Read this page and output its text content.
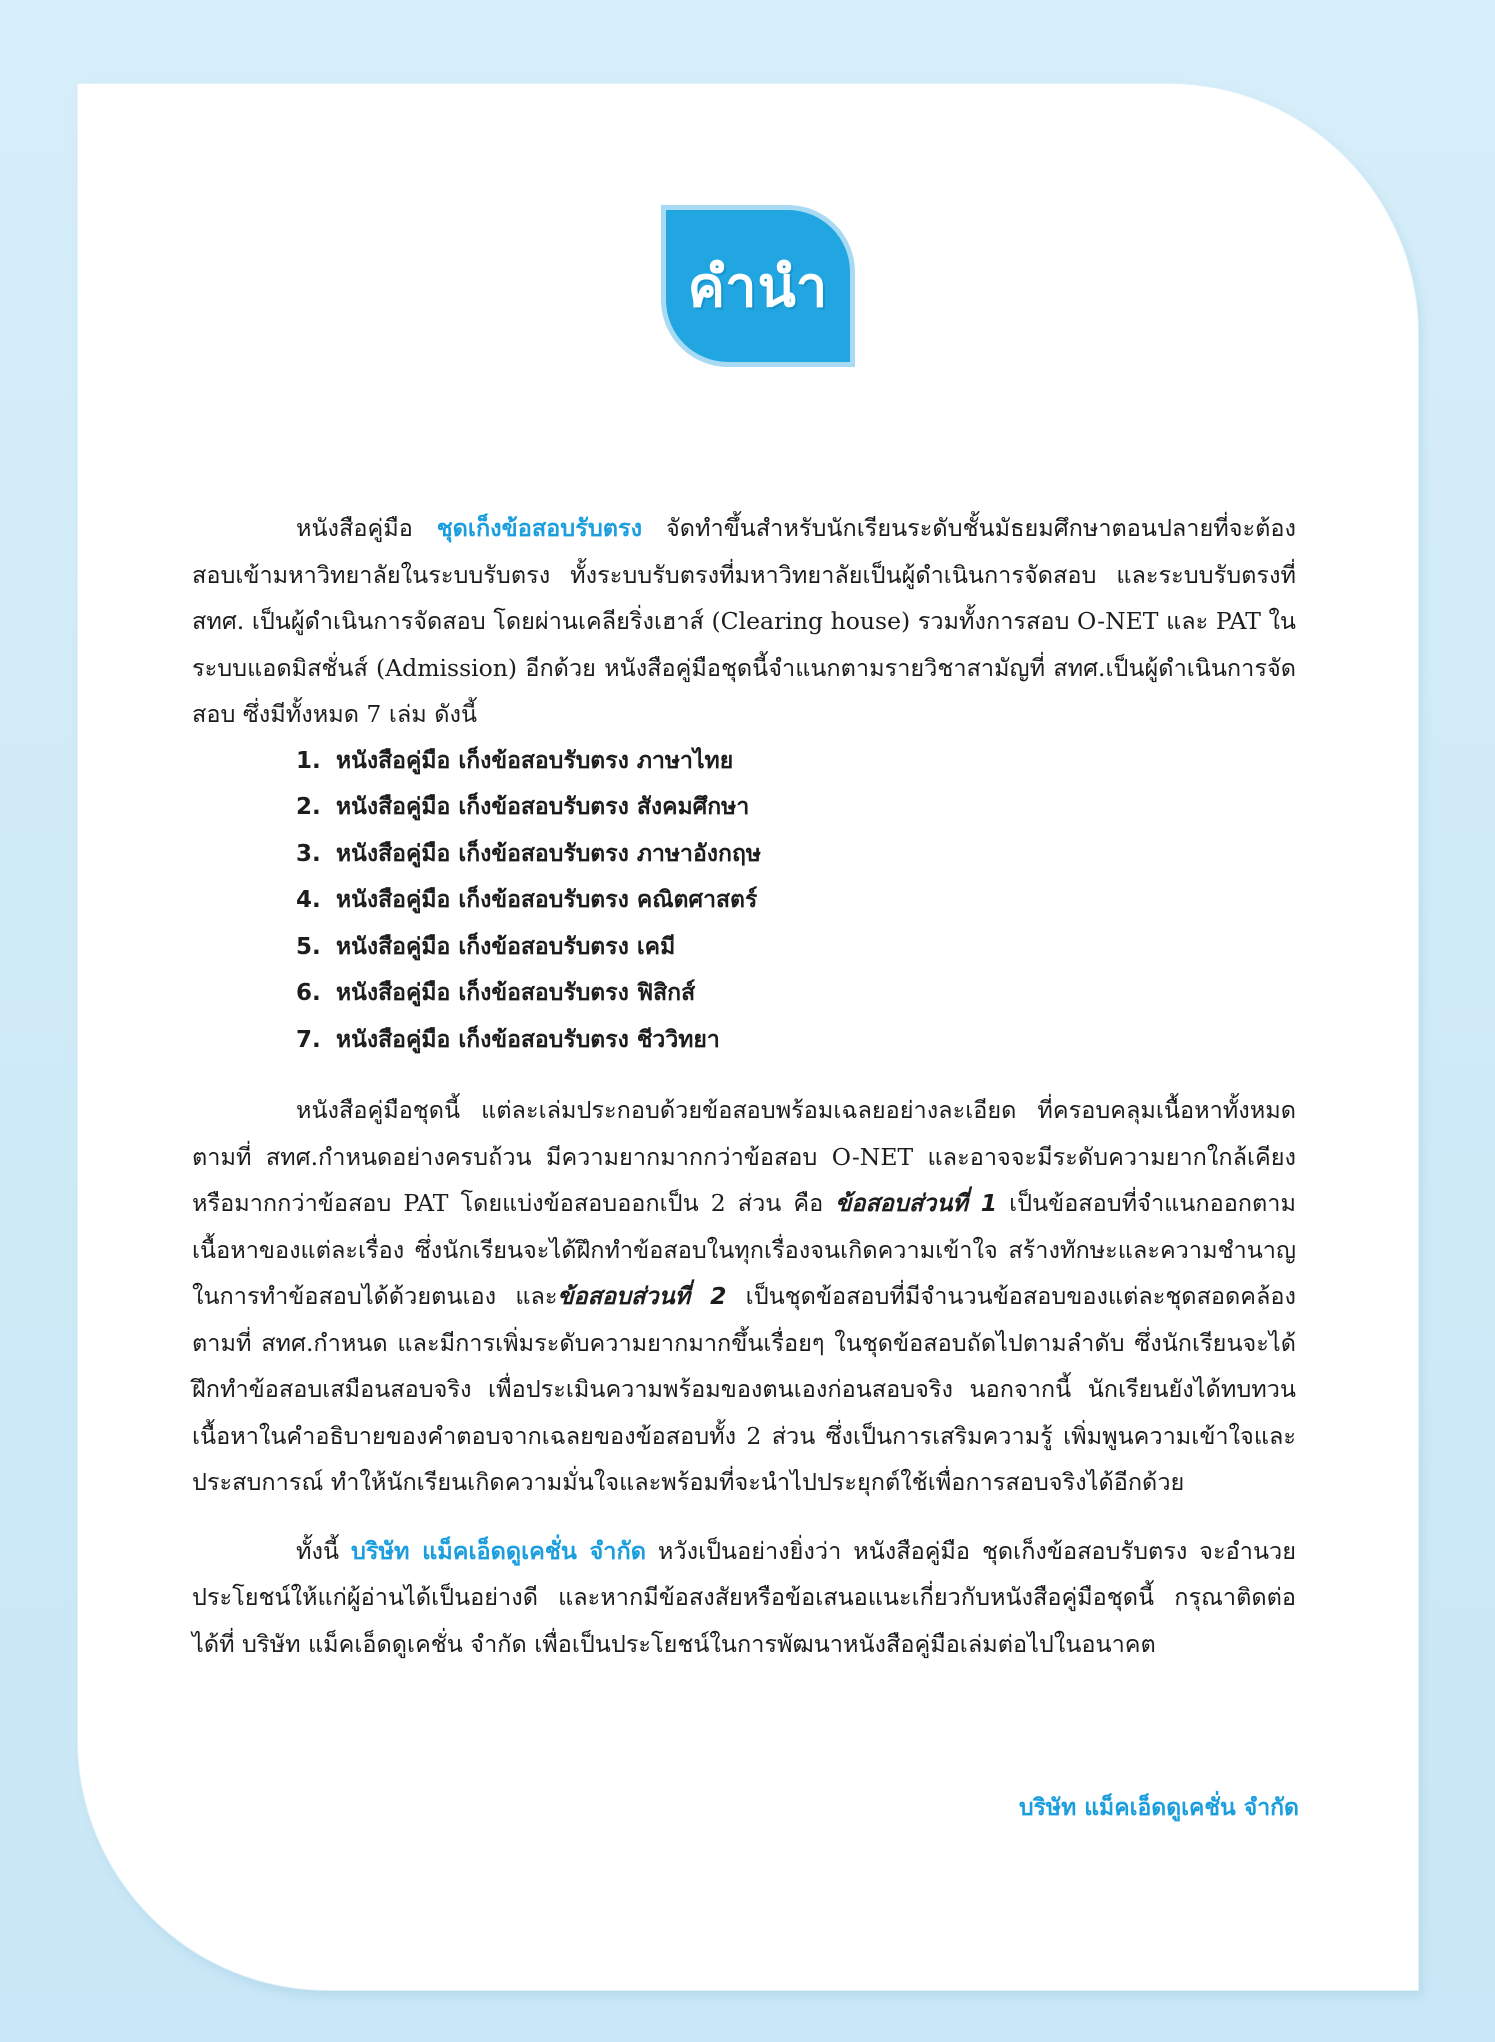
คำนำ

หนังสือคู่มือ ชุดเก็งข้อสอบรับตรง จัดทำขึ้นสำหรับนักเรียนระดับชั้นมัธยมศึกษาตอนปลายที่จะต้องสอบเข้ามหาวิทยาลัยในระบบรับตรง ทั้งระบบรับตรงที่มหาวิทยาลัยเป็นผู้ดำเนินการจัดสอบ และระบบรับตรงที่ สทศ. เป็นผู้ดำเนินการจัดสอบ โดยผ่านเคลียริ่งเฮาส์ (Clearing house) รวมทั้งการสอบ O-NET และ PAT ในระบบแอดมิสชั่นส์ (Admission) อีกด้วย หนังสือคู่มือชุดนี้จำแนกตามรายวิชาสามัญที่ สทศ.เป็นผู้ดำเนินการจัดสอบ ซึ่งมีทั้งหมด 7 เล่ม ดังนี้

1. หนังสือคู่มือ เก็งข้อสอบรับตรง ภาษาไทย
2. หนังสือคู่มือ เก็งข้อสอบรับตรง สังคมศึกษา
3. หนังสือคู่มือ เก็งข้อสอบรับตรง ภาษาอังกฤษ
4. หนังสือคู่มือ เก็งข้อสอบรับตรง คณิตศาสตร์
5. หนังสือคู่มือ เก็งข้อสอบรับตรง เคมี
6. หนังสือคู่มือ เก็งข้อสอบรับตรง ฟิสิกส์
7. หนังสือคู่มือ เก็งข้อสอบรับตรง ชีววิทยา

หนังสือคู่มือชุดนี้ แต่ละเล่มประกอบด้วยข้อสอบพร้อมเฉลยอย่างละเอียด ที่ครอบคลุมเนื้อหาทั้งหมดตามที่ สทศ.กำหนดอย่างครบถ้วน มีความยากมากกว่าข้อสอบ O-NET และอาจจะมีระดับความยากใกล้เคียงหรือมากกว่าข้อสอบ PAT โดยแบ่งข้อสอบออกเป็น 2 ส่วน คือ ข้อสอบส่วนที่ 1 เป็นข้อสอบที่จำแนกออกตามเนื้อหาของแต่ละเรื่อง ซึ่งนักเรียนจะได้ฝึกทำข้อสอบในทุกเรื่องจนเกิดความเข้าใจ สร้างทักษะและความชำนาญในการทำข้อสอบได้ด้วยตนเอง และข้อสอบส่วนที่ 2 เป็นชุดข้อสอบที่มีจำนวนข้อสอบของแต่ละชุดสอดคล้องตามที่ สทศ.กำหนด และมีการเพิ่มระดับความยากมากขึ้นเรื่อยๆ ในชุดข้อสอบถัดไปตามลำดับ ซึ่งนักเรียนจะได้ฝึกทำข้อสอบเสมือนสอบจริง เพื่อประเมินความพร้อมของตนเองก่อนสอบจริง นอกจากนี้ นักเรียนยังได้ทบทวนเนื้อหาในคำอธิบายของคำตอบจากเฉลยของข้อสอบทั้ง 2 ส่วน ซึ่งเป็นการเสริมความรู้ เพิ่มพูนความเข้าใจและประสบการณ์ ทำให้นักเรียนเกิดความมั่นใจและพร้อมที่จะนำไปประยุกต์ใช้เพื่อการสอบจริงได้อีกด้วย

ทั้งนี้ บริษัท แม็คเอ็ดดูเคชั่น จำกัด หวังเป็นอย่างยิ่งว่า หนังสือคู่มือ ชุดเก็งข้อสอบรับตรง จะอำนวยประโยชน์ให้แก่ผู้อ่านได้เป็นอย่างดี และหากมีข้อสงสัยหรือข้อเสนอแนะเกี่ยวกับหนังสือคู่มือชุดนี้ กรุณาติดต่อได้ที่ บริษัท แม็คเอ็ดดูเคชั่น จำกัด เพื่อเป็นประโยชน์ในการพัฒนาหนังสือคู่มือเล่มต่อไปในอนาคต

บริษัท แม็คเอ็ดดูเคชั่น จำกัด
